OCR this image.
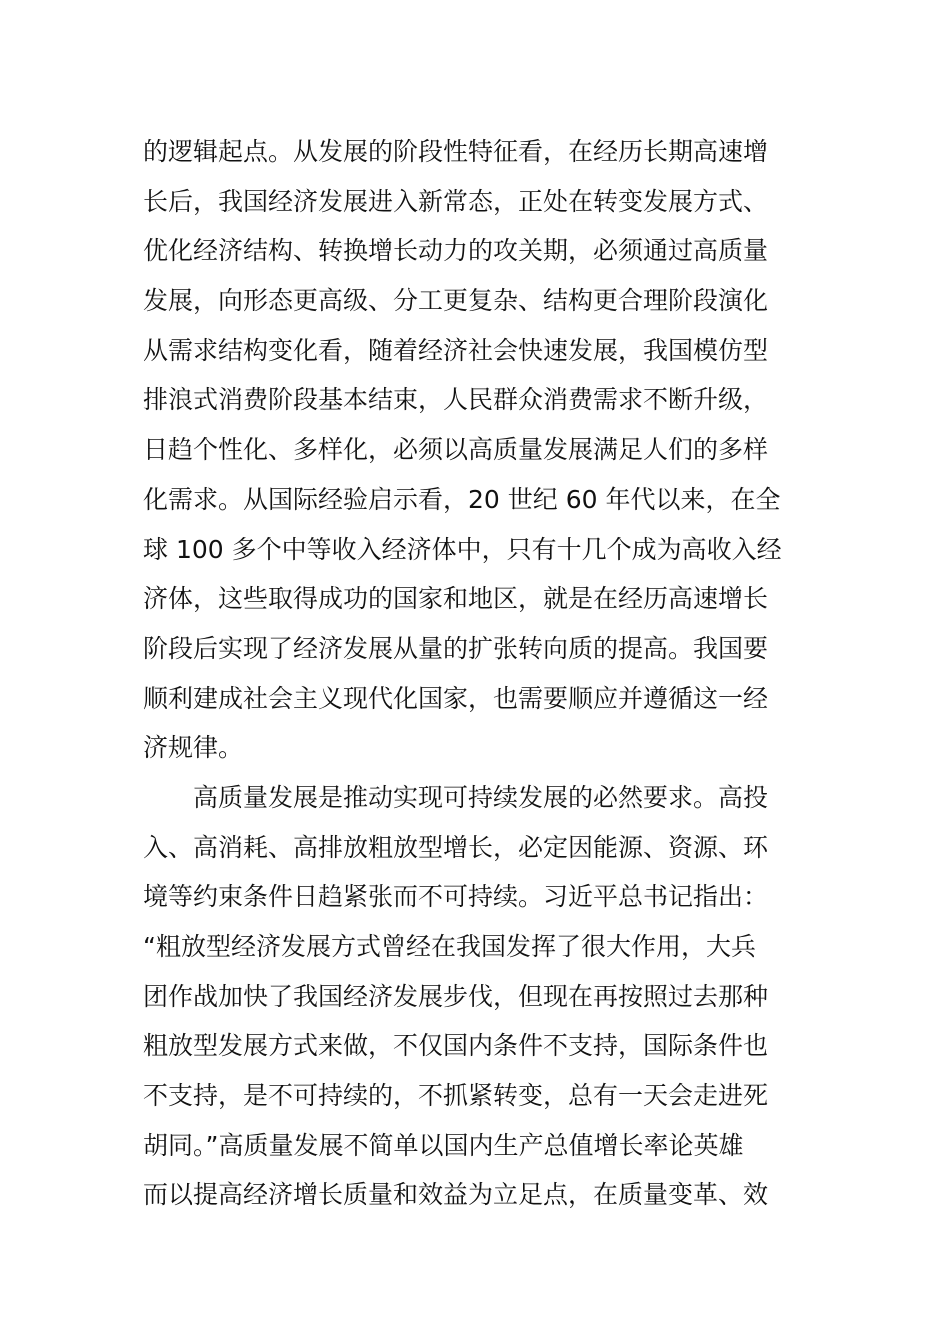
的逻辑起点。从发展的阶段性特征看，在经历长期高速增
长后，我国经济发展进入新常态，正处在转变发展方式、
优化经济结构、转换增长动力的攻关期，必须通过高质量
发展，向形态更高级、分工更复杂、结构更合理阶段演化
从需求结构变化看，随着经济社会快速发展，我国模仿型
排浪式消费阶段基本结束，人民群众消费需求不断升级，
日趋个性化、多样化，必须以高质量发展满足人们的多样
化需求。从国际经验启示看，20 世纪 60 年代以来，在全
球 100 多个中等收入经济体中，只有十几个成为高收入经
济体，这些取得成功的国家和地区，就是在经历高速增长
阶段后实现了经济发展从量的扩张转向质的提高。我国要
顺利建成社会主义现代化国家，也需要顺应并遵循这一经
济规律。
　　高质量发展是推动实现可持续发展的必然要求。高投
入、高消耗、高排放粗放型增长，必定因能源、资源、环
境等约束条件日趋紧张而不可持续。习近平总书记指出：
“粗放型经济发展方式曾经在我国发挥了很大作用，大兵
团作战加快了我国经济发展步伐，但现在再按照过去那种
粗放型发展方式来做，不仅国内条件不支持，国际条件也
不支持，是不可持续的，不抓紧转变，总有一天会走进死
胡同。”高质量发展不简单以国内生产总值增长率论英雄
而以提高经济增长质量和效益为立足点，在质量变革、效
